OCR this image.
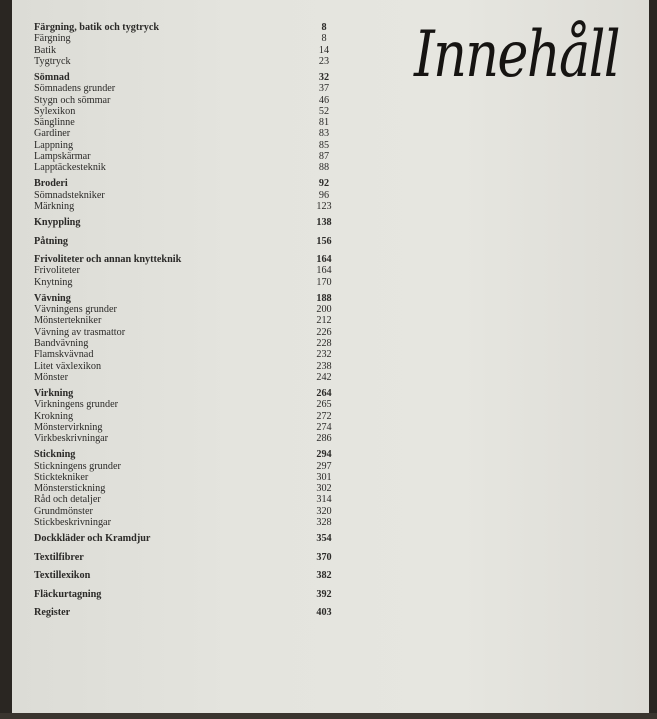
Färgning, batik och tygtryck	8
Färgning	8
Batik	14
Tygtryck	23
Sömnad	32
Sömnadens grunder	37
Stygn och sömmar	46
Sylexikon	52
Sänglinne	81
Gardiner	83
Lappning	85
Lampskärmar	87
Lapptäckesteknik	88
Broderi	92
Sömnadstekniker	96
Märkning	123
Knyppling	138
Påtning	156
Frivoliteter och annan knytteknik	164
Frivoliteter	164
Knytning	170
Vävning	188
Vävningens grunder	200
Mönstertekniker	212
Vävning av trasmattor	226
Bandvävning	228
Flamskvävnad	232
Litet växlexikon	238
Mönster	242
Virkning	264
Virkningens grunder	265
Krokning	272
Mönstervirkning	274
Virkbeskrivningar	286
Stickning	294
Stickningens grunder	297
Sticktekniker	301
Mönsterstickning	302
Råd och detaljer	314
Grundmönster	320
Stickbeskrivningar	328
Dockkläder och Kramdjur	354
Textilfibrer	370
Textillexikon	382
Fläckurtagning	392
Register	403
Innehåll
